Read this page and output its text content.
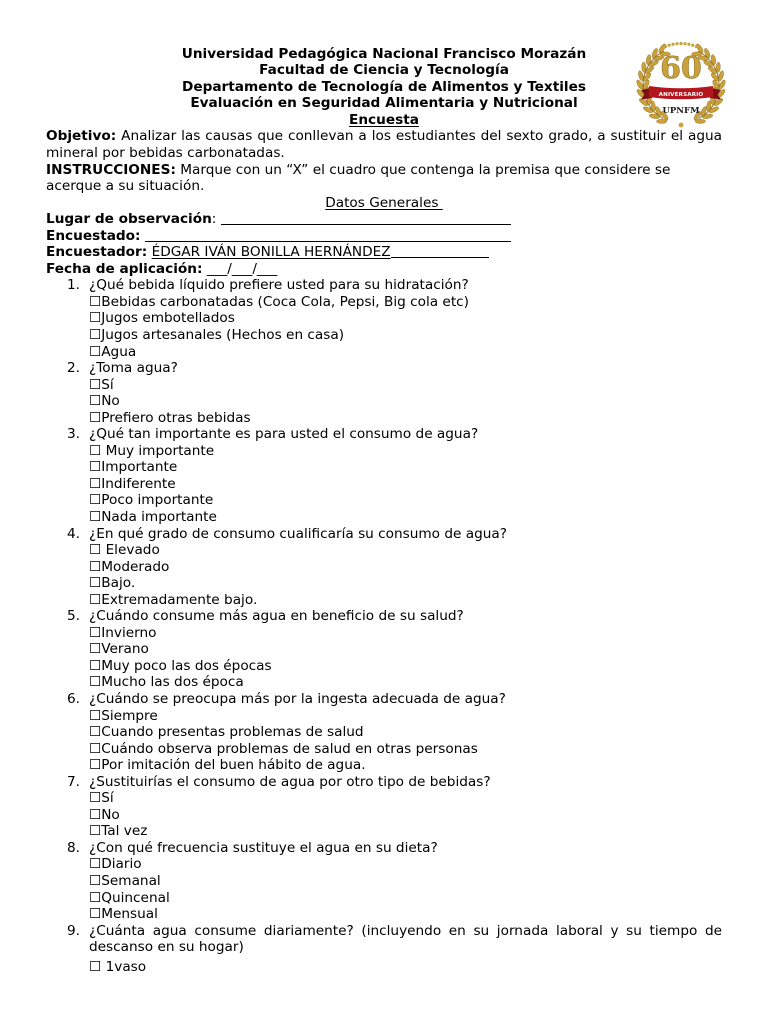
60
ANIVERSARIO
UPNFM
Universidad Pedagógica Nacional Francisco Morazán
Facultad de Ciencia y Tecnología
Departamento de Tecnología de Alimentos y Textiles
Evaluación en Seguridad Alimentaria y Nutricional
Encuesta
Objetivo: Analizar las causas que conllevan a los estudiantes del sexto grado, a sustituir el agua mineral por bebidas carbonatadas.
INSTRUCCIONES: Marque con un “X” el cuadro que contenga la premisa que considere se acerque a su situación.
Datos Generales
Lugar de observación:
Encuestado:
Encuestador: ÉDGAR IVÁN BONILLA HERNÁNDEZ
Fecha de aplicación: ___/___/___
1. ¿Qué bebida líquido prefiere usted para su hidratación?
☐Bebidas carbonatadas (Coca Cola, Pepsi, Big cola etc)
☐Jugos embotellados
☐Jugos artesanales (Hechos en casa)
☐Agua
2. ¿Toma agua?
☐Sí
☐No
☐Prefiero otras bebidas
3. ¿Qué tan importante es para usted el consumo de agua?
☐ Muy importante
☐Importante
☐Indiferente
☐Poco importante
☐Nada importante
4. ¿En qué grado de consumo cualificaría su consumo de agua?
☐ Elevado
☐Moderado
☐Bajo.
☐Extremadamente bajo.
5. ¿Cuándo consume más agua en beneficio de su salud?
☐Invierno
☐Verano
☐Muy poco las dos épocas
☐Mucho las dos época
6. ¿Cuándo se preocupa más por la ingesta adecuada de agua?
☐Siempre
☐Cuando presentas problemas de salud
☐Cuándo observa problemas de salud en otras personas
☐Por imitación del buen hábito de agua.
7. ¿Sustituirías el consumo de agua por otro tipo de bebidas?
☐Sí
☐No
☐Tal vez
8. ¿Con qué frecuencia sustituye el agua en su dieta?
☐Diario
☐Semanal
☐Quincenal
☐Mensual
9. ¿Cuánta agua consume diariamente? (incluyendo en su jornada laboral y su tiempo de descanso en su hogar)
☐ 1vaso
